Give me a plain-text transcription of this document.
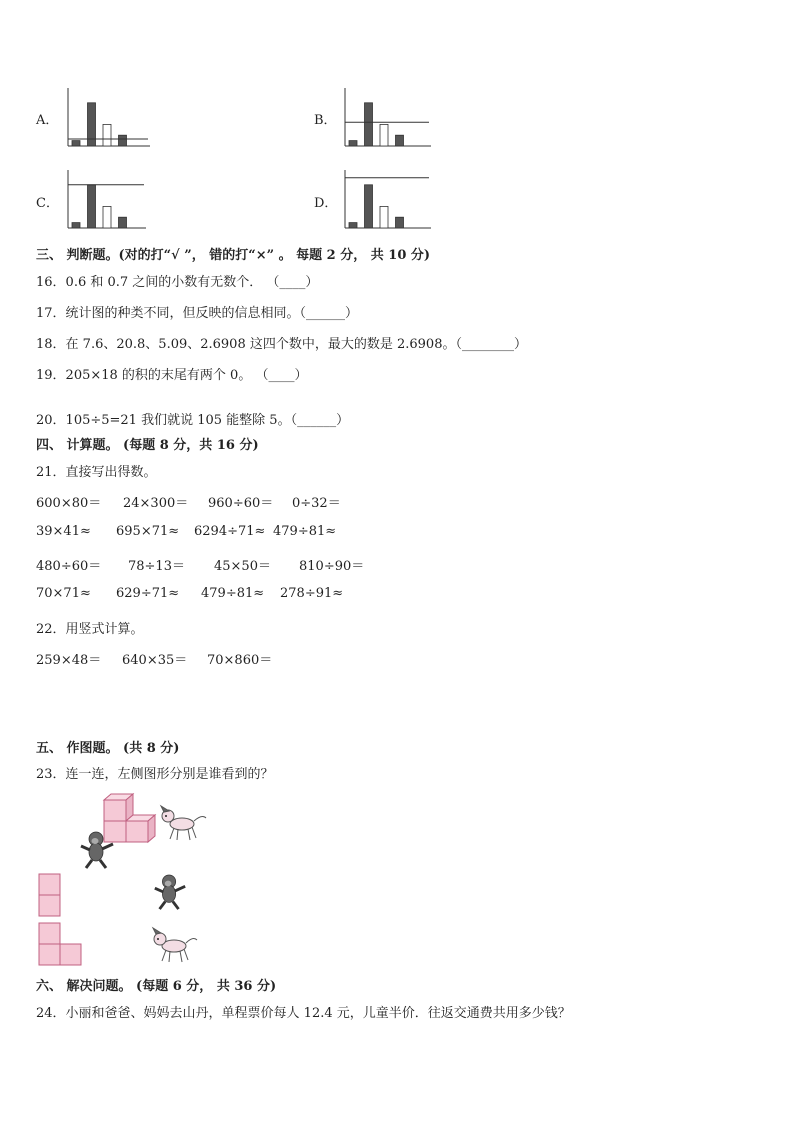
A．	B．
C．	D．
三、 判断题。(对的打“√ ”， 错的打“×” 。 每题 2 分， 共 10 分)
16．0.6 和 0.7 之间的小数有无数个． （____）
17．统计图的种类不同，但反映的信息相同。（______）
18．在 7.6、20.8、5.09、2.6908 这四个数中，最大的数是 2.6908。（________）
19．205×18 的积的末尾有两个 0。 （____）
20．105÷5=21 我们就说 105 能整除 5。（______）
四、 计算题。 (每题 8 分，共 16 分)
21．直接写出得数。
600×80＝ 24×300＝ 960÷60＝ 0÷32＝
39×41≈ 695×71≈ 6294÷71≈ 479÷81≈
480÷60＝ 78÷13＝ 45×50＝ 810÷90＝
70×71≈ 629÷71≈ 479÷81≈ 278÷91≈
22．用竖式计算。
259×48＝ 640×35＝ 70×860＝
五、 作图题。 (共 8 分)
23．连一连，左侧图形分别是谁看到的？
六、 解决问题。 (每题 6 分， 共 36 分)
24．小丽和爸爸、妈妈去山丹，单程票价每人 12.4 元，儿童半价．往返交通费共用多少钱？
